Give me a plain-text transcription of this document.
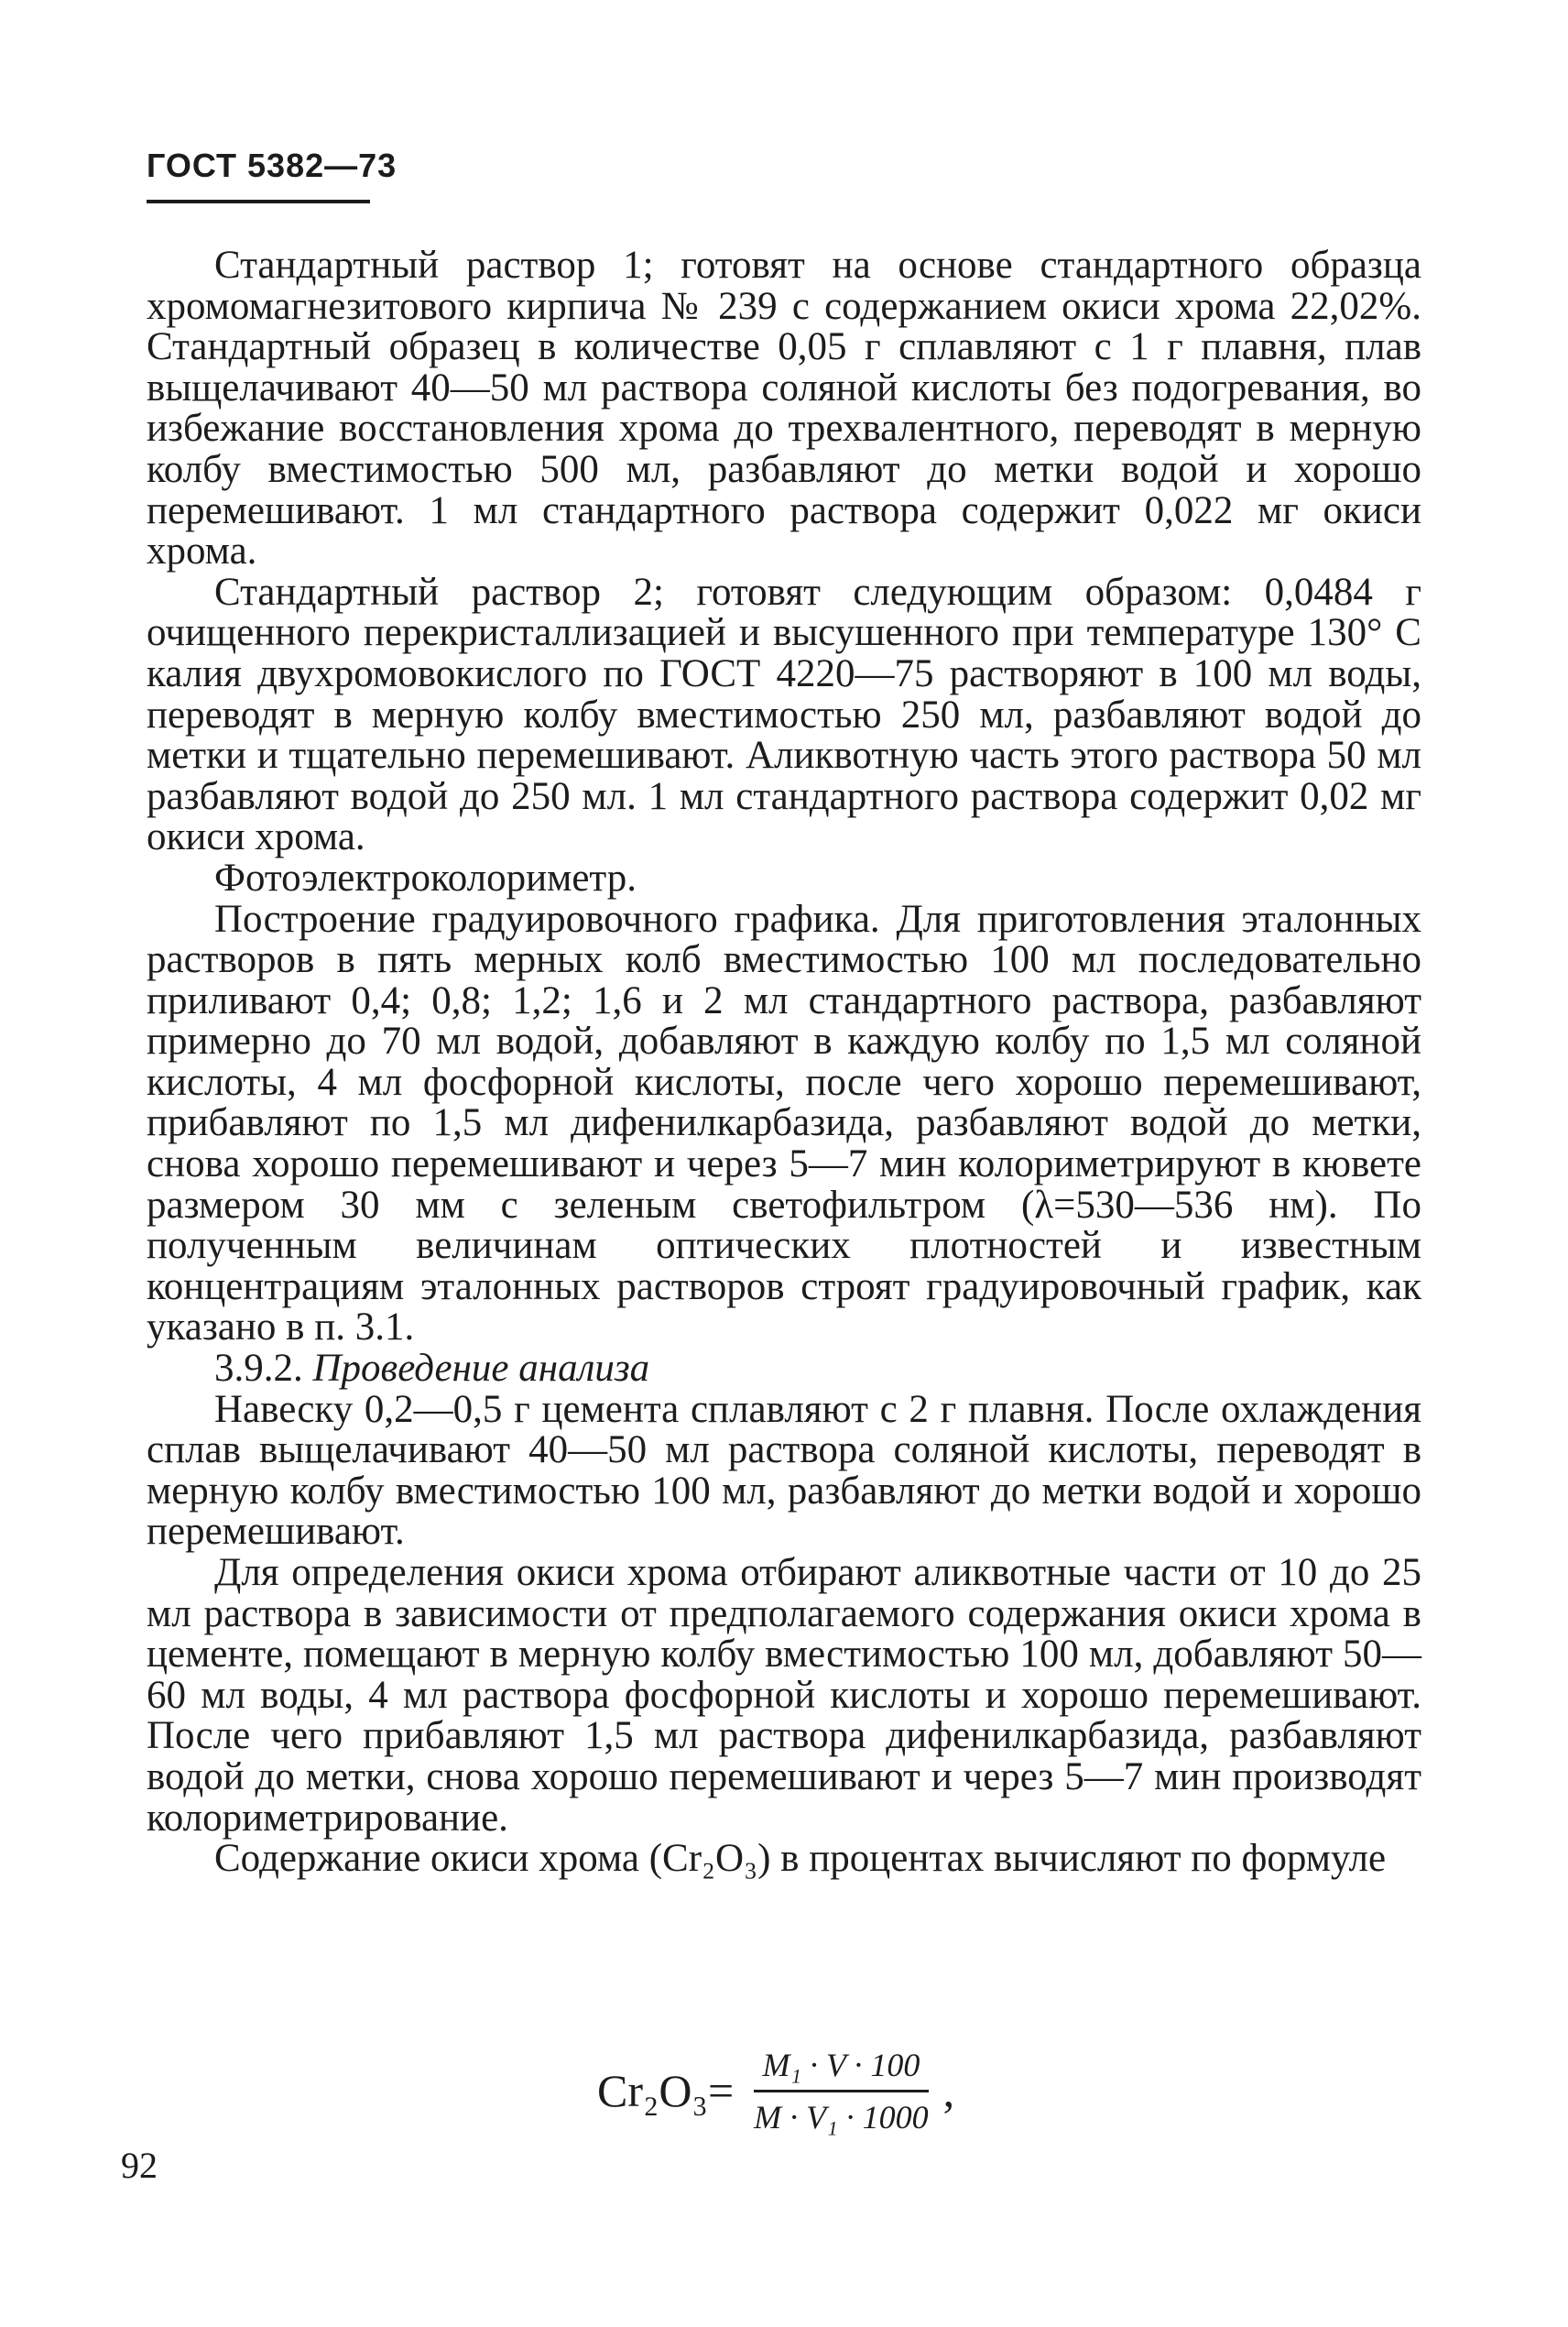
ГОСТ 5382—73

Стандартный раствор 1; готовят на основе стандартного образца хромомагнезитового кирпича № 239 с содержанием окиси хрома 22,02%. Стандартный образец в количестве 0,05 г сплавляют с 1 г плавня, плав выщелачивают 40—50 мл раствора соляной кислоты без подогревания, во избежание восстановления хрома до трехвалентного, переводят в мерную колбу вместимостью 500 мл, разбавляют до метки водой и хорошо перемешивают. 1 мл стандартного раствора содержит 0,022 мг окиси хрома.

Стандартный раствор 2; готовят следующим образом: 0,0484 г очищенного перекристаллизацией и высушенного при температуре 130° С калия двухромовокислого по ГОСТ 4220—75 растворяют в 100 мл воды, переводят в мерную колбу вместимостью 250 мл, разбавляют водой до метки и тщательно перемешивают. Аликвотную часть этого раствора 50 мл разбавляют водой до 250 мл. 1 мл стандартного раствора содержит 0,02 мг окиси хрома.

Фотоэлектроколориметр.

Построение градуировочного графика. Для приготовления эталонных растворов в пять мерных колб вместимостью 100 мл последовательно приливают 0,4; 0,8; 1,2; 1,6 и 2 мл стандартного раствора, разбавляют примерно до 70 мл водой, добавляют в каждую колбу по 1,5 мл соляной кислоты, 4 мл фосфорной кислоты, после чего хорошо перемешивают, прибавляют по 1,5 мл дифенилкарбазида, разбавляют водой до метки, снова хорошо перемешивают и через 5—7 мин колориметрируют в кювете размером 30 мм с зеленым светофильтром (λ=530—536 нм). По полученным величинам оптических плотностей и известным концентрациям эталонных растворов строят градуировочный график, как указано в п. 3.1.

3.9.2. Проведение анализа

Навеску 0,2—0,5 г цемента сплавляют с 2 г плавня. После охлаждения сплав выщелачивают 40—50 мл раствора соляной кислоты, переводят в мерную колбу вместимостью 100 мл, разбавляют до метки водой и хорошо перемешивают.

Для определения окиси хрома отбирают аликвотные части от 10 до 25 мл раствора в зависимости от предполагаемого содержания окиси хрома в цементе, помещают в мерную колбу вместимостью 100 мл, добавляют 50—60 мл воды, 4 мл раствора фосфорной кислоты и хорошо перемешивают. После чего прибавляют 1,5 мл раствора дифенилкарбазида, разбавляют водой до метки, снова хорошо перемешивают и через 5—7 мин производят колориметрирование.

Содержание окиси хрома (Cr₂O₃) в процентах вычисляют по формуле

$Cr_2O_3= \frac{\text{M₁ · V · 100}}{\text{M · V₁ · 1000}}$ ,
92
